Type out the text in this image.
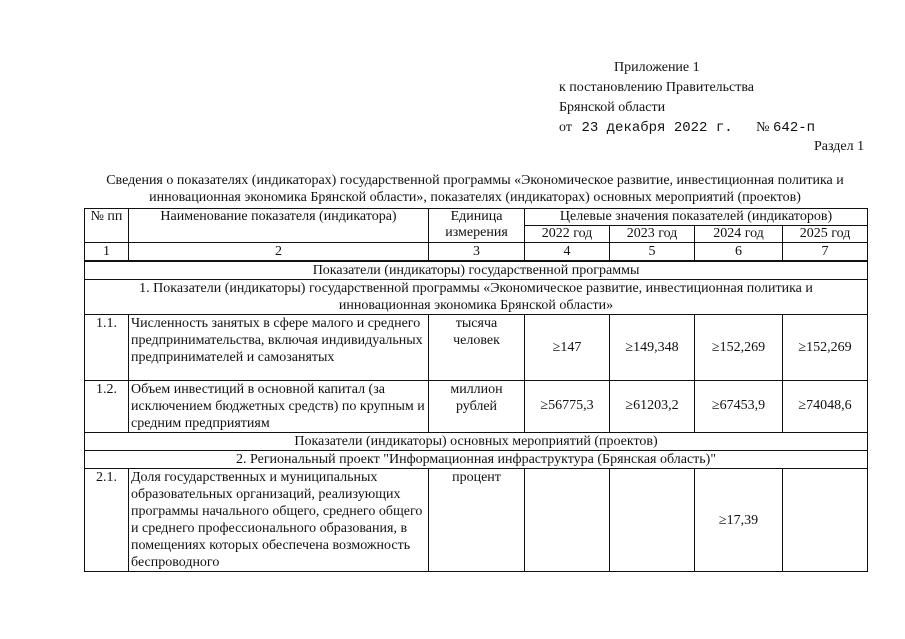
Приложение 1
к постановлению Правительства
Брянской области
от 23 декабря 2022 г. № 642-п
Раздел 1
Сведения о показателях (индикаторах) государственной программы «Экономическое развитие, инвестиционная политика и инновационная экономика Брянской области», показателях (индикаторах) основных мероприятий (проектов)
№ пп	Наименование показателя (индикатора)	Единица измерения	Целевые значения показателей (индикаторов)			
			2022 год	2023 год	2024 год	2025 год
1	2	3	4	5	6	7
Показатели (индикаторы) государственной программы						
1. Показатели (индикаторы) государственной программы «Экономическое развитие, инвестиционная политика и инновационная экономика Брянской области»						
1.1.	Численность занятых в сфере малого и среднего предпринимательства, включая индивидуальных предпринимателей и самозанятых	тысяча человек	≥147	≥149,348	≥152,269	≥152,269
1.2.	Объем инвестиций в основной капитал (за исключением бюджетных средств) по крупным и средним предприятиям	миллион рублей	≥56775,3	≥61203,2	≥67453,9	≥74048,6
Показатели (индикаторы) основных мероприятий (проектов)						
2. Региональный проект "Информационная инфраструктура (Брянская область)"						
2.1.	Доля государственных и муниципальных образовательных организаций, реализующих программы начального общего, среднего общего и среднего профессионального образования, в помещениях которых обеспечена возможность беспроводного	процент			≥17,39	
